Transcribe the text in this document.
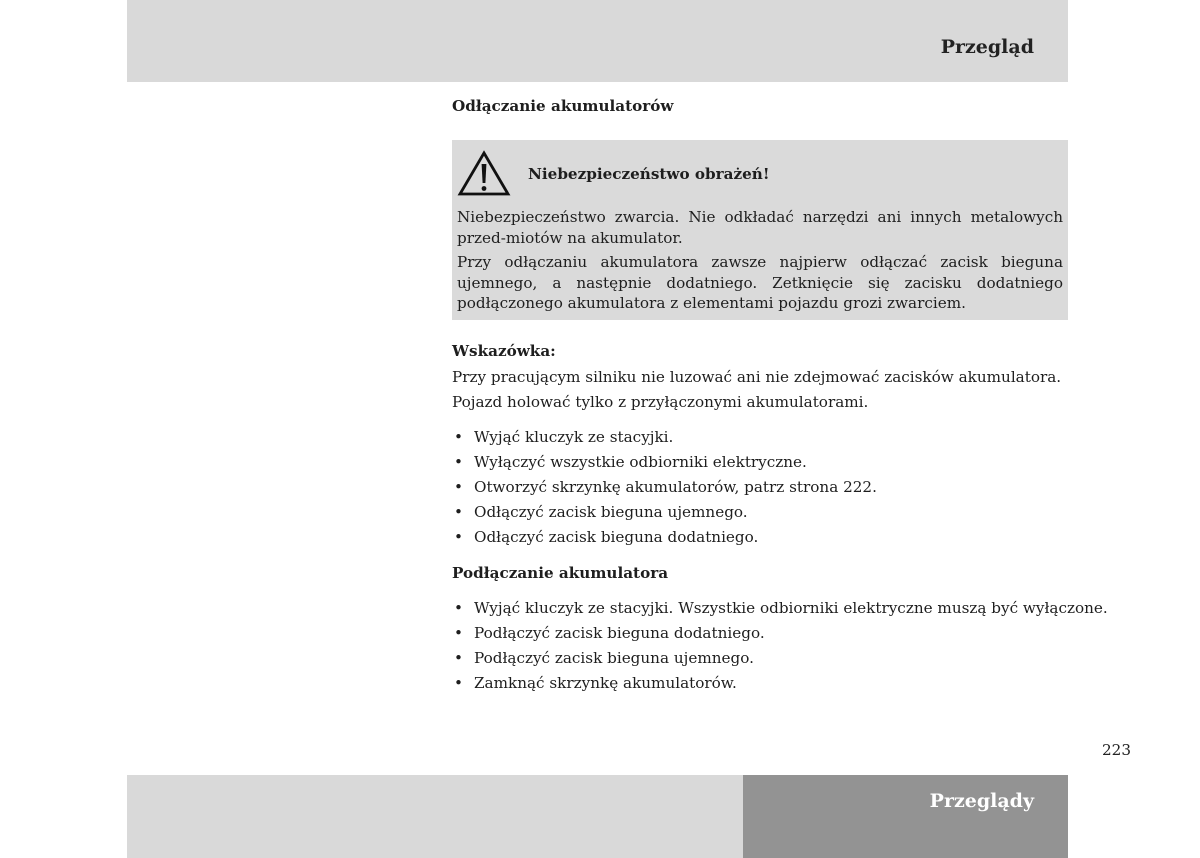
Przegląd

Odłączanie akumulatorów

Niebezpieczeństwo obrażeń!

Niebezpieczeństwo zwarcia. Nie odkładać narzędzi ani innych metalowych przed-miotów na akumulator.

Przy odłączaniu akumulatora zawsze najpierw odłączać zacisk bieguna ujemnego, a następnie dodatniego. Zetknięcie się zacisku dodatniego podłączonego akumulatora z elementami pojazdu grozi zwarciem.

Wskazówka:

Przy pracującym silniku nie luzować ani nie zdejmować zacisków akumulatora.

Pojazd holować tylko z przyłączonymi akumulatorami.

• Wyjąć kluczyk ze stacyjki.
• Wyłączyć wszystkie odbiorniki elektryczne.
• Otworzyć skrzynkę akumulatorów, patrz strona 222.
• Odłączyć zacisk bieguna ujemnego.
• Odłączyć zacisk bieguna dodatniego.

Podłączanie akumulatora

• Wyjąć kluczyk ze stacyjki. Wszystkie odbiorniki elektryczne muszą być wyłączone.
• Podłączyć zacisk bieguna dodatniego.
• Podłączyć zacisk bieguna ujemnego.
• Zamknąć skrzynkę akumulatorów.
223
Przeglądy
